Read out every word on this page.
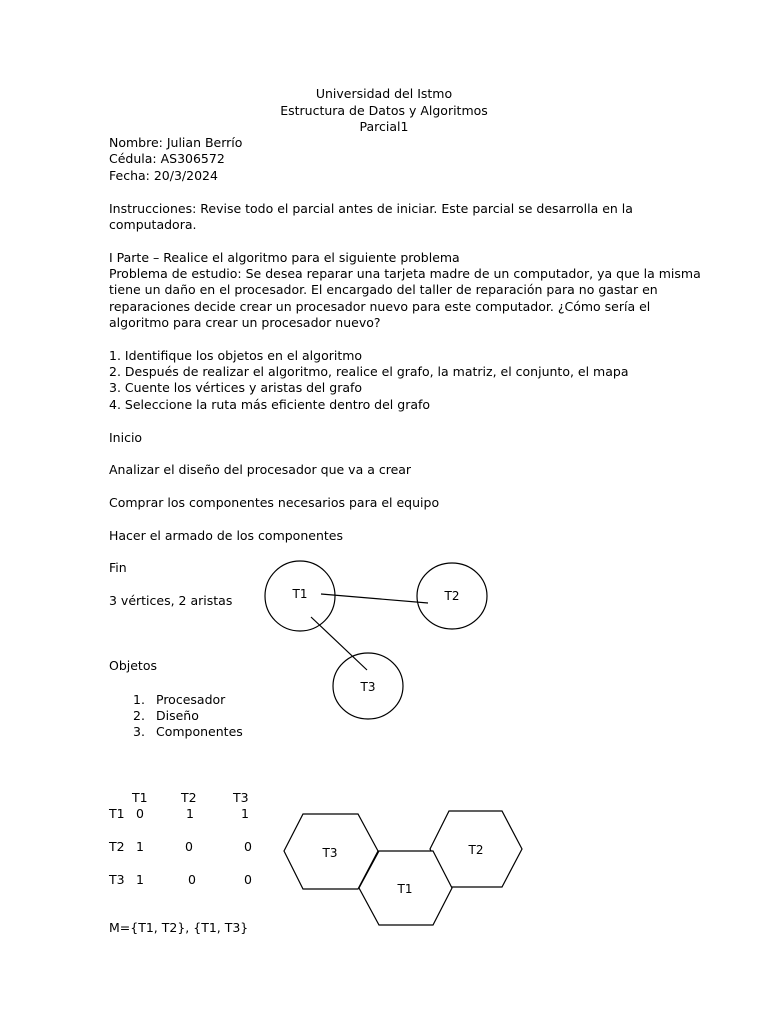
Universidad del Istmo
Estructura de Datos y Algoritmos
Parcial1
Nombre: Julian Berrío
Cédula: AS306572
Fecha: 20/3/2024
Instrucciones: Revise todo el parcial antes de iniciar. Este parcial se desarrolla en la
computadora.
I Parte – Realice el algoritmo para el siguiente problema
Problema de estudio: Se desea reparar una tarjeta madre de un computador, ya que la misma
tiene un daño en el procesador. El encargado del taller de reparación para no gastar en
reparaciones decide crear un procesador nuevo para este computador. ¿Cómo sería el
algoritmo para crear un procesador nuevo?
1. Identifique los objetos en el algoritmo
2. Después de realizar el algoritmo, realice el grafo, la matriz, el conjunto, el mapa
3. Cuente los vértices y aristas del grafo
4. Seleccione la ruta más eficiente dentro del grafo
Inicio
Analizar el diseño del procesador que va a crear
Comprar los componentes necesarios para el equipo
Hacer el armado de los componentes
Fin
3 vértices, 2 aristas
Objetos
1. Procesador
2. Diseño
3. Componentes
T1	T2	T3
T1 0	1	1
T2 1	0	0
T3 1	0	0
M={T1, T2}, {T1, T3}
T1	T2
T3
T3
T1
T2
